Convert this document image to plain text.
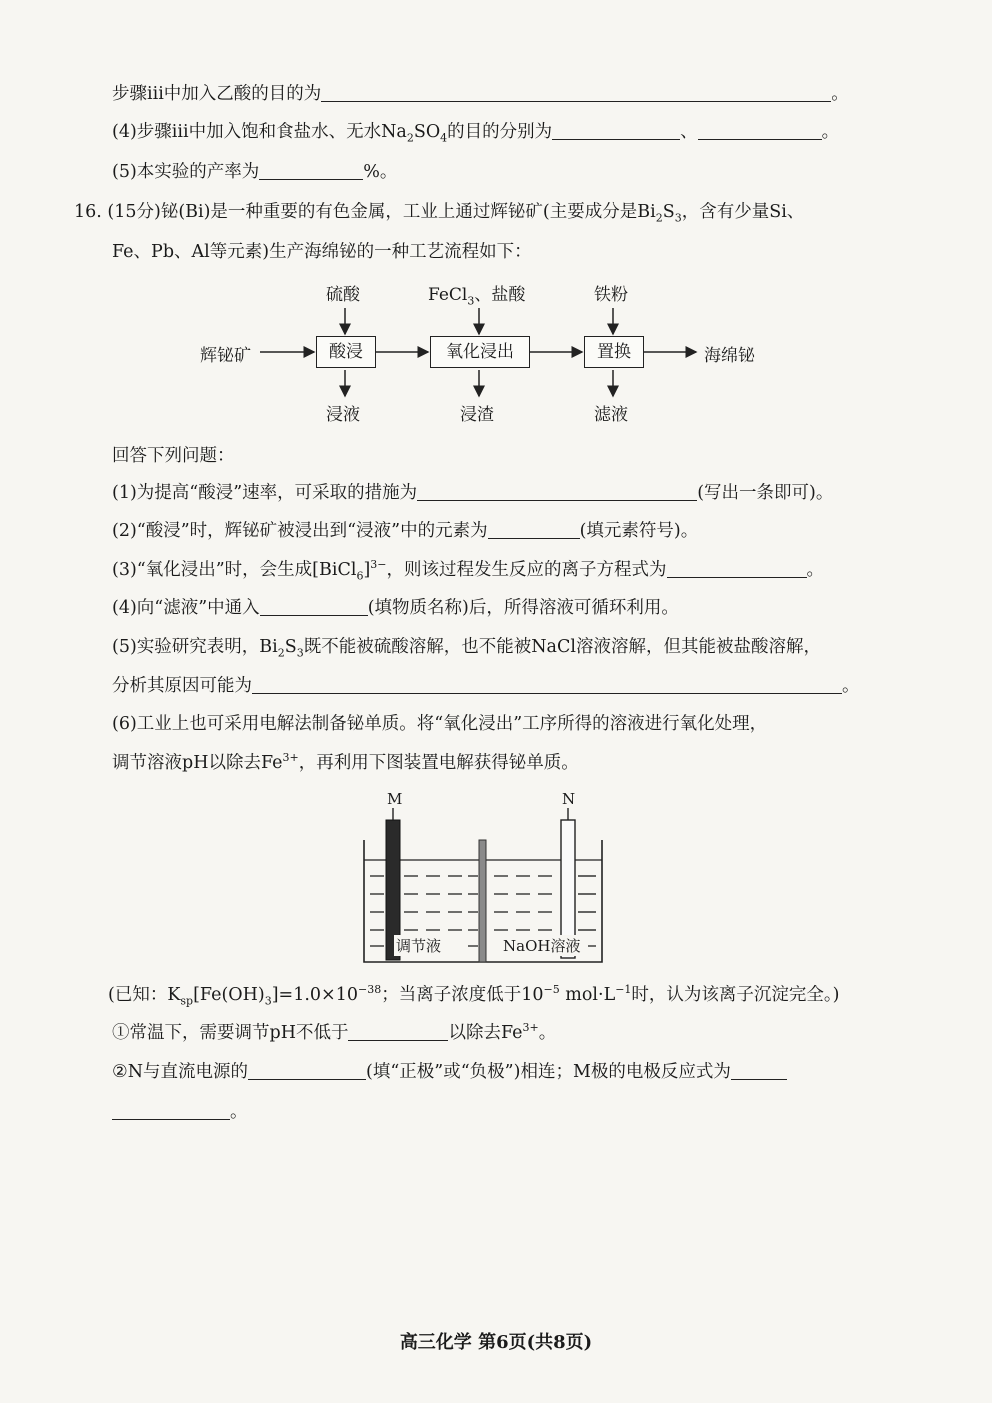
步骤iii中加入乙酸的目的为	。
(4)步骤iii中加入饱和食盐水、无水$Na_2SO_4$的目的分别为	、	。
(5)本实验的产率为	%。
16. (15分)铋(Bi)是一种重要的有色金属，工业上通过辉铋矿(主要成分是$Bi_2S_3$，含有少量Si、
Fe、Pb、Al等元素)生产海绵铋的一种工艺流程如下：
辉铋矿
硫酸	FeCl$_3$、盐酸	铁粉
酸浸	氧化浸出	置换	海绵铋
浸液	浸渣	滤液
回答下列问题：
(1)为提高“酸浸”速率，可采取的措施为	(写出一条即可)。
(2)“酸浸”时，辉铋矿被浸出到“浸液”中的元素为	(填元素符号)。
(3)“氧化浸出”时，会生成[BiCl$_6$]$^{3-}$，则该过程发生反应的离子方程式为	。
(4)向“滤液”中通入	(填物质名称)后，所得溶液可循环利用。
(5)实验研究表明，$Bi_2S_3$既不能被硫酸溶解，也不能被NaCl溶液溶解，但其能被盐酸溶解，
分析其原因可能为	。
(6)工业上也可采用电解法制备铋单质。将“氧化浸出”工序所得的溶液进行氧化处理，
调节溶液pH以除去$Fe^{3+}$，再利用下图装置电解获得铋单质。
M	N
调节液	NaOH溶液
(已知：$K_{sp}[Fe(OH)_3]=1.0\times 10^{-38}$；当离子浓度低于$10^{-5}$ $mol\cdot L^{-1}$时，认为该离子沉淀完全。)
①常温下，需要调节pH不低于	以除去$Fe^{3+}$。
②N与直流电源的	(填“正极”或“负极”)相连；M极的电极反应式为
。
高三化学 第6页(共8页)
